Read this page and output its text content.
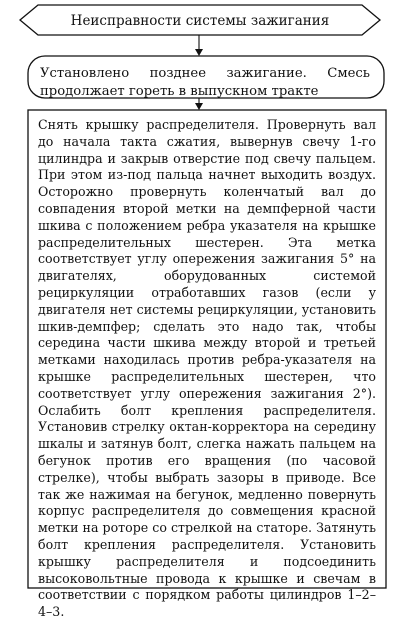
Неисправности системы зажигания
Установлено позднее зажигание. Смесь продолжает гореть в выпускном тракте
Снять крышку распределителя. Провернуть вал до начала такта сжатия, вывернув свечу 1-го цилиндра и закрыв отверстие под свечу пальцем. При этом из-под пальца начнет выходить воздух. Осторожно провернуть коленчатый вал до совпадения второй метки на демпферной части шкива с положением ребра указателя на крышке распределительных шестерен. Эта метка соответствует углу опережения зажигания 5° на двигателях, оборудованных системой рециркуляции отработавших газов (если у двигателя нет системы рециркуляции, установить шкив-демпфер; сделать это надо так, чтобы середина части шкива между второй и третьей метками находилась против ребра-указателя на крышке распределительных шестерен, что соответствует углу опережения зажигания 2°). Ослабить болт крепления распределителя. Установив стрелку октан-корректора на середину шкалы и затянув болт, слегка нажать пальцем на бегунок против его вращения (по часовой стрелке), чтобы выбрать зазоры в приводе. Все так же нажимая на бегунок, медленно повернуть корпус распределителя до совмещения красной метки на роторе со стрелкой на статоре. Затянуть болт крепления распределителя. Установить крышку распределителя и подсоединить высоковольтные провода к крышке и свечам в соответствии с порядком работы цилиндров 1–2–4–3.
